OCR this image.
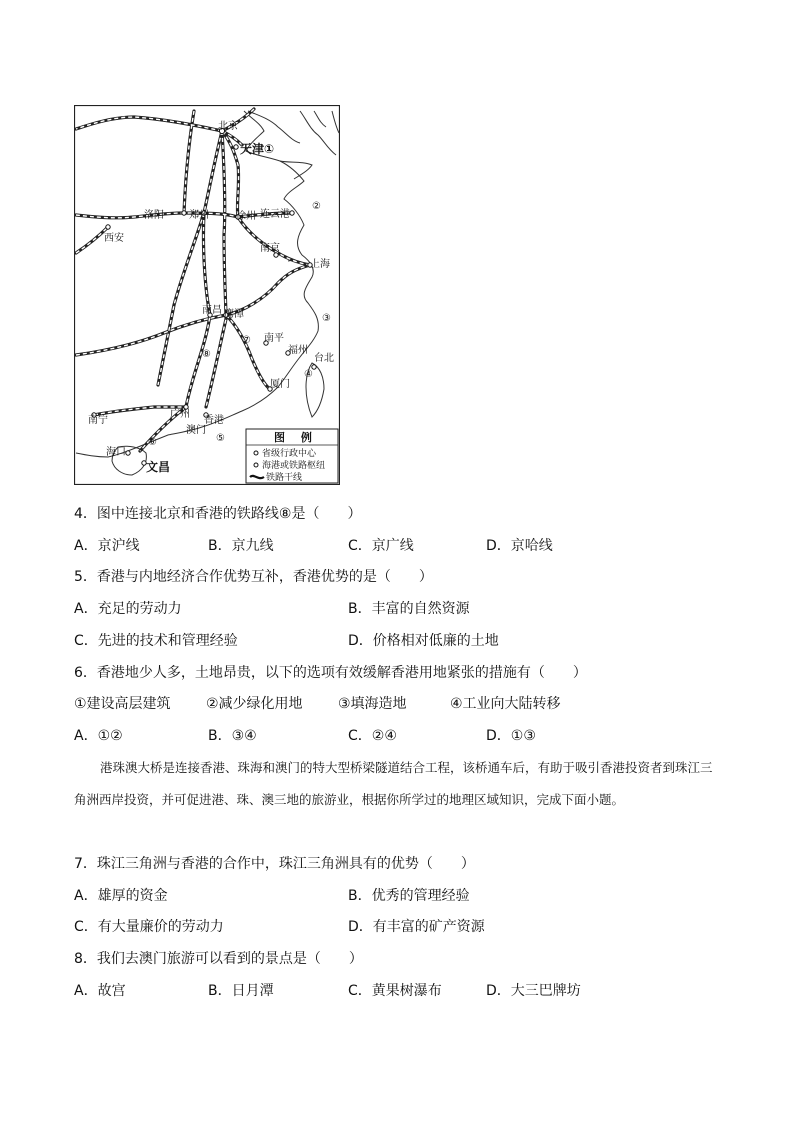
北京
天津①
洛阳	郑州	徐州 连云港
西安
南京
上海
南昌 鹰潭
南平
福州
台北
厦门
广州
香港
澳门
南宁
海口
文昌
②
③
④
⑤
⑥
⑦
⑧
图 例
省级行政中心
海港或铁路枢纽
铁路干线
4．图中连接北京和香港的铁路线⑧是（　　）
A．京沪线	B．京九线	C．京广线	D．京哈线
5．香港与内地经济合作优势互补，香港优势的是（　　）
A．充足的劳动力	B．丰富的自然资源
C．先进的技术和管理经验	D．价格相对低廉的土地
6．香港地少人多，土地昂贵，以下的选项有效缓解香港用地紧张的措施有（　　）
①建设高层建筑	②减少绿化用地	③填海造地	④工业向大陆转移
A．①②	B．③④	C．②④	D．①③
港珠澳大桥是连接香港、珠海和澳门的特大型桥梁隧道结合工程，该桥通车后，有助于吸引香港投资者到珠江三角洲西岸投资，并可促进港、珠、澳三地的旅游业，根据你所学过的地理区域知识，完成下面小题。
7．珠江三角洲与香港的合作中，珠江三角洲具有的优势（　　）
A．雄厚的资金	B．优秀的管理经验
C．有大量廉价的劳动力	D．有丰富的矿产资源
8．我们去澳门旅游可以看到的景点是（　　）
A．故宫	B．日月潭	C．黄果树瀑布	D．大三巴牌坊
